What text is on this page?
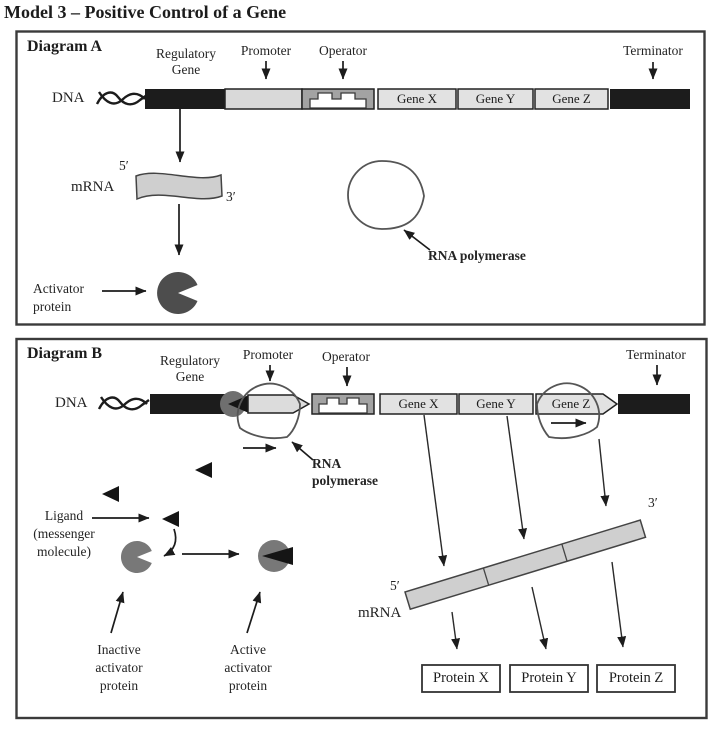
Model 3 – Positive Control of a Gene
Diagram A	Regulatory
Gene
Promoter	Operator	Terminator
DNA	Gene X	Gene Y	Gene Z
5′
3′
mRNA
Activator
protein
RNA polymerase
Diagram B	Regulatory
Gene
Promoter	Operator	Terminator
DNA	Gene X	Gene Y	Gene Z
RNA
polymerase
Ligand
(messenger
molecule)
Inactive
activator
protein
Active
activator
protein
5′
3′
mRNA
Protein X	Protein Y	Protein Z
